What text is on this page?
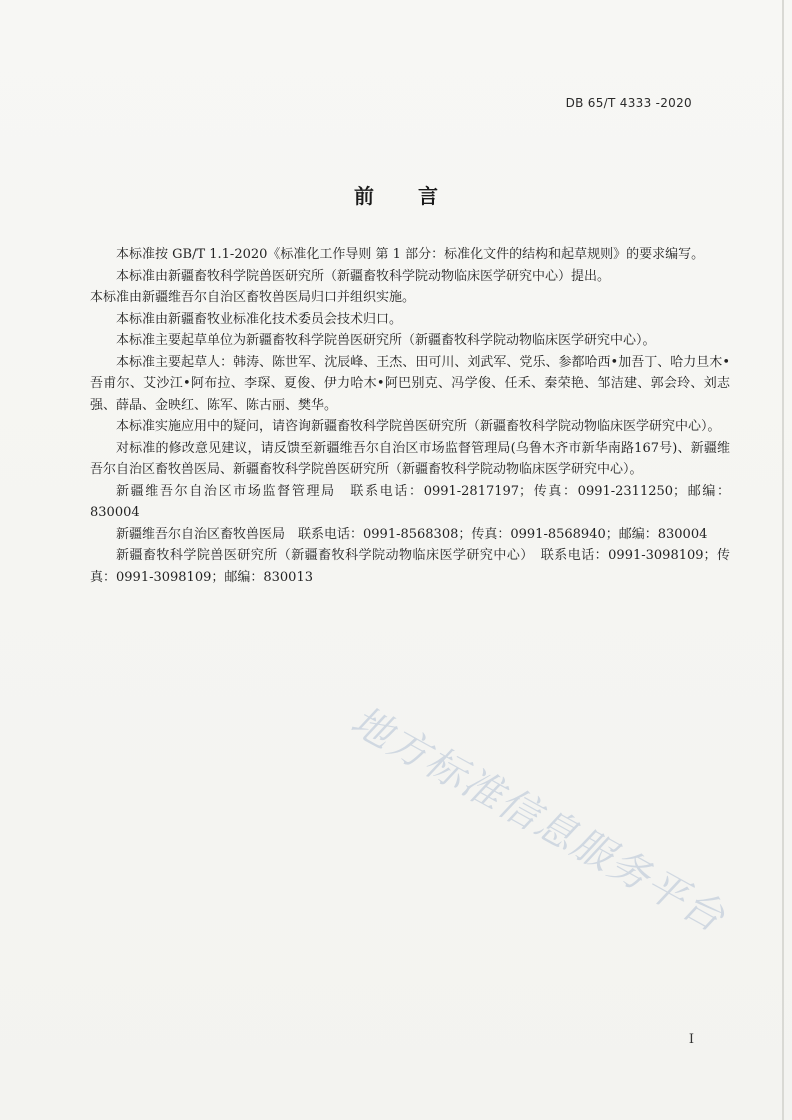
DB 65/T 4333 -2020
前言

本标准按 GB/T 1.1-2020《标准化工作导则 第 1 部分：标准化文件的结构和起草规则》的要求编写。

本标准由新疆畜牧科学院兽医研究所（新疆畜牧科学院动物临床医学研究中心）提出。

本标准由新疆维吾尔自治区畜牧兽医局归口并组织实施。

本标准由新疆畜牧业标准化技术委员会技术归口。

本标准主要起草单位为新疆畜牧科学院兽医研究所（新疆畜牧科学院动物临床医学研究中心）。

本标准主要起草人：韩涛、陈世军、沈辰峰、王杰、田可川、刘武军、党乐、参都哈西•加吾丁、哈力旦木•吾甫尔、艾沙江•阿布拉、李琛、夏俊、伊力哈木•阿巴别克、冯学俊、任禾、秦荣艳、邹洁建、郭会玲、刘志强、薛晶、金映红、陈军、陈古丽、樊华。

本标准实施应用中的疑问，请咨询新疆畜牧科学院兽医研究所（新疆畜牧科学院动物临床医学研究中心）。

对标准的修改意见建议，请反馈至新疆维吾尔自治区市场监督管理局(乌鲁木齐市新华南路167号)、新疆维吾尔自治区畜牧兽医局、新疆畜牧科学院兽医研究所（新疆畜牧科学院动物临床医学研究中心）。

新疆维吾尔自治区市场监督管理局　联系电话：0991-2817197；传真：0991-2311250；邮编：830004

新疆维吾尔自治区畜牧兽医局　联系电话：0991-8568308；传真：0991-8568940；邮编：830004

新疆畜牧科学院兽医研究所（新疆畜牧科学院动物临床医学研究中心）　联系电话：0991-3098109；传真：0991-3098109；邮编：830013

地方标准信息服务平台
I
